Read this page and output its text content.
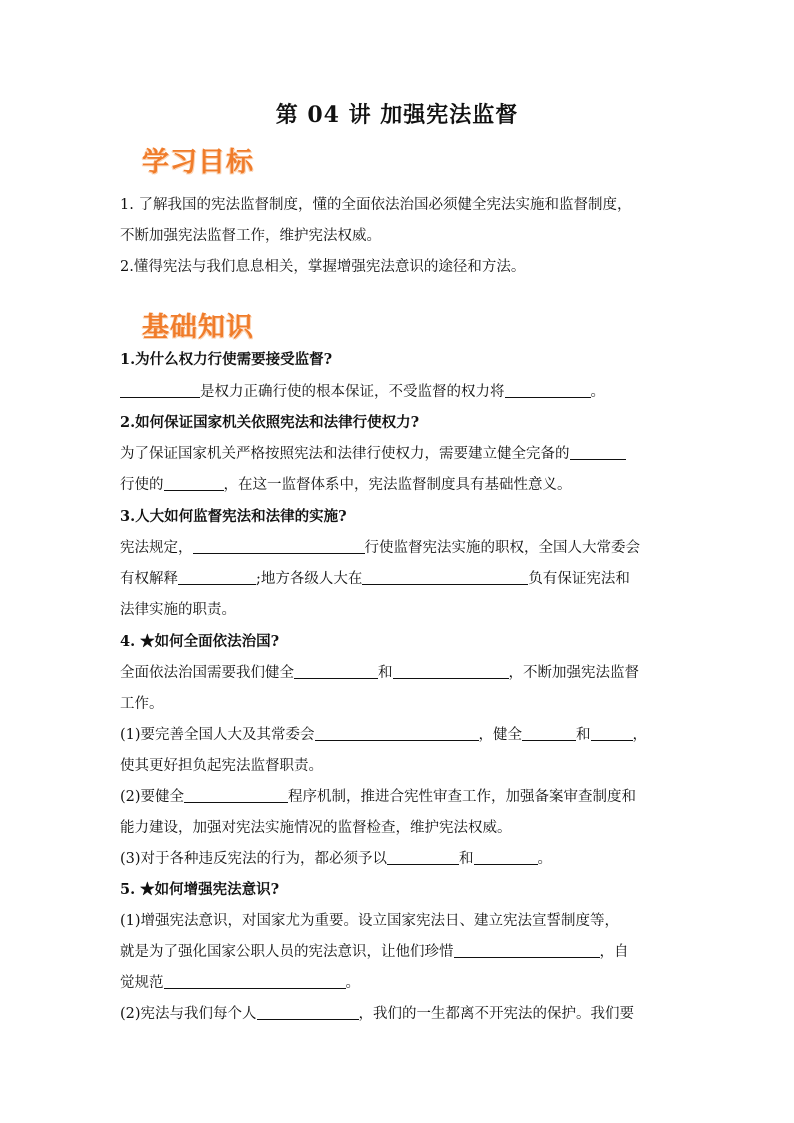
第 04 讲 加强宪法监督
学习目标
1. 了解我国的宪法监督制度，懂的全面依法治国必须健全宪法实施和监督制度，
不断加强宪法监督工作，维护宪法权威。
2.懂得宪法与我们息息相关，掌握增强宪法意识的途径和方法。
基础知识
1.为什么权力行使需要接受监督?
是权力正确行使的根本保证，不受监督的权力将	。
2.如何保证国家机关依照宪法和法律行使权力?
为了保证国家机关严格按照宪法和法律行使权力，需要建立健全完备的
行使的	，在这一监督体系中，宪法监督制度具有基础性意义。
3.人大如何监督宪法和法律的实施?
宪法规定，	行使监督宪法实施的职权，全国人大常委会
有权解释	;地方各级人大在	负有保证宪法和
法律实施的职责。
4. ★如何全面依法治国?
全面依法治国需要我们健全	和	，不断加强宪法监督
工作。
(1)要完善全国人大及其常委会	，健全	和	，
使其更好担负起宪法监督职责。
(2)要健全	程序机制，推进合宪性审查工作，加强备案审查制度和
能力建设，加强对宪法实施情况的监督检查，维护宪法权威。
(3)对于各种违反宪法的行为，都必须予以	和	。
5. ★如何增强宪法意识?
(1)增强宪法意识，对国家尤为重要。设立国家宪法日、建立宪法宣誓制度等，
就是为了强化国家公职人员的宪法意识，让他们珍惜	，自
觉规范	。
(2)宪法与我们每个人	，我们的一生都离不开宪法的保护。我们要
